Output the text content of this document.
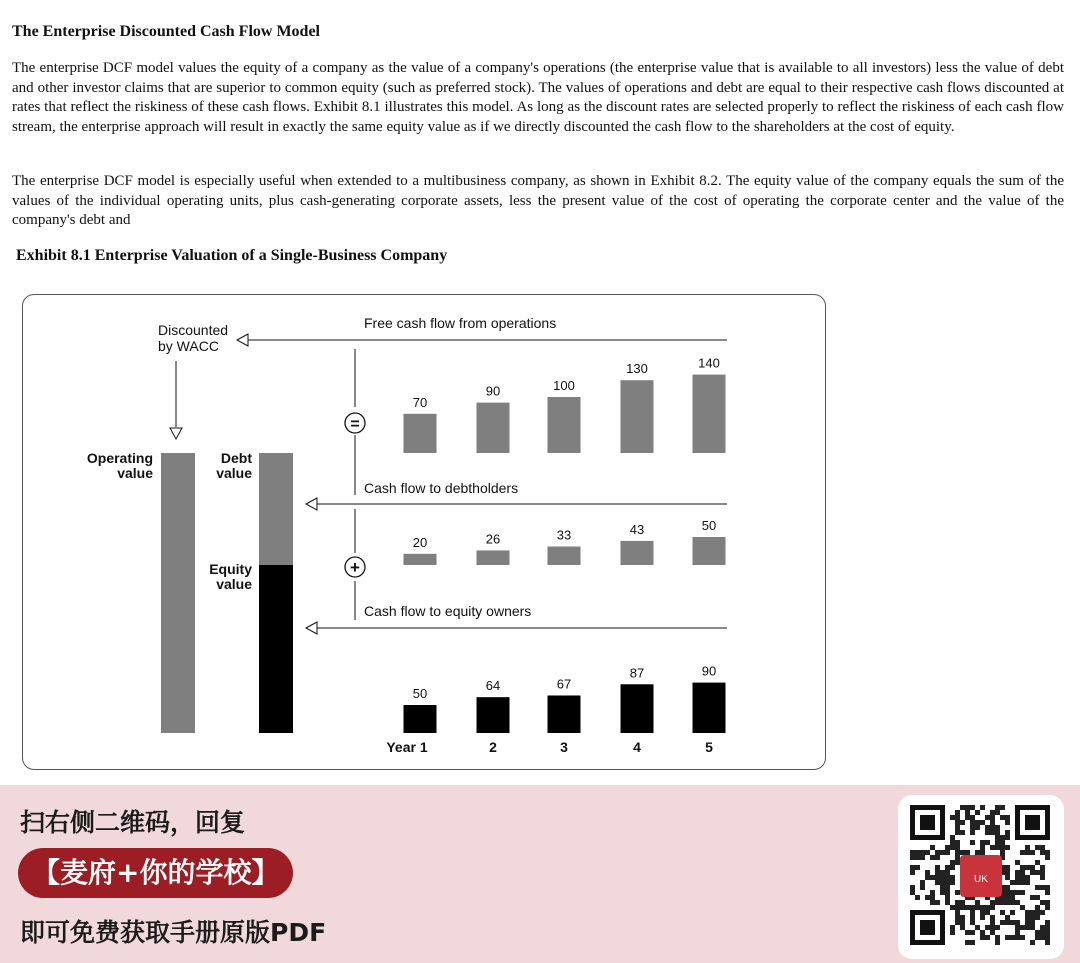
The Enterprise Discounted Cash Flow Model

The enterprise DCF model values the equity of a company as the value of a company's operations (the enterprise value that is available to all investors) less the value of debt and other investor claims that are superior to common equity (such as preferred stock). The values of operations and debt are equal to their respective cash flows discounted at rates that reflect the riskiness of these cash flows. Exhibit 8.1 illustrates this model. As long as the discount rates are selected properly to reflect the riskiness of each cash flow stream, the enterprise approach will result in exactly the same equity value as if we directly discounted the cash flow to the shareholders at the cost of equity.

The enterprise DCF model is especially useful when extended to a multibusiness company, as shown in Exhibit 8.2. The equity value of the company equals the sum of the values of the individual operating units, plus cash-generating corporate assets, less the present value of the cost of operating the corporate center and the value of the company's debt and

Exhibit 8.1 Enterprise Valuation of a Single-Business Company
Discounted
by WACC
Operating
value
Debt
value
Equity
value
=
+
Free cash flow from operations
Cash flow to debtholders
Cash flow to equity owners
70
90	100
130	140
20	26	33	43	50
50
64	67
87	90
Year 1	2	3	4	5
扫右侧二维码，回复
【麦府+你的学校】
即可免费获取手册原版PDF
UK
